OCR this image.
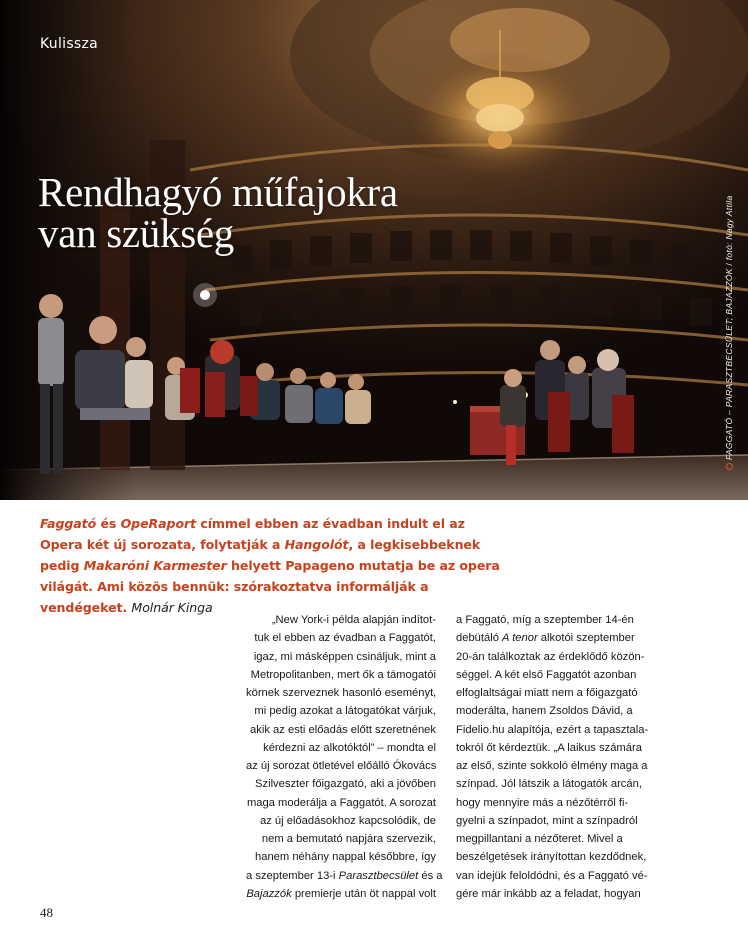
Kulissza
Rendhagyó műfajokra
van szükség
FAGGATÓ – PARASZTBECSÜLET; BAJAZZÓK / fotó: Nagy Attila

Faggató és OpeRaport címmel ebben az évadban indult el az Opera két új sorozata, folytatják a Hangolót, a legkisebbeknek pedig Makaróni Karmester helyett Papageno mutatja be az opera világát. Ami közös bennük: szórakoztatva informálják a vendégeket. Molnár Kinga

„New York-i példa alapján indítot-
tuk el ebben az évadban a Faggatót,
igaz, mi másképpen csináljuk, mint a
Metropolitanben, mert ők a támogatói
körnek szerveznek hasonló eseményt,
mi pedig azokat a látogatókat várjuk,
akik az esti előadás előtt szeretnének
kérdezni az alkotóktól” – mondta el
az új sorozat ötletével előálló Ókovács
Szilveszter főigazgató, aki a jövőben
maga moderálja a Faggatót. A sorozat
az új előadásokhoz kapcsolódik, de
nem a bemutató napjára szervezik,
hanem néhány nappal későbbre, így
a szeptember 13-i Parasztbecsület és a
Bajazzók premierje után öt nappal volt
a Faggató, míg a szeptember 14-én
debütáló A tenor alkotói szeptember
20-án találkoztak az érdeklődő közön-
séggel. A két első Faggatót azonban
elfoglaltságai miatt nem a főigazgató
moderálta, hanem Zsoldos Dávid, a
Fidelio.hu alapítója, ezért a tapasztala-
tokról őt kérdeztük. „A laikus számára
az első, szinte sokkoló élmény maga a
színpad. Jól látszik a látogatók arcán,
hogy mennyire más a nézőtérről fi-
gyelni a színpadot, mint a színpadról
megpillantani a nézőteret. Mivel a
beszélgetések irányítottan kezdődnek,
van idejük feloldódni, és a Faggató vé-
gére már inkább az a feladat, hogyan
48
